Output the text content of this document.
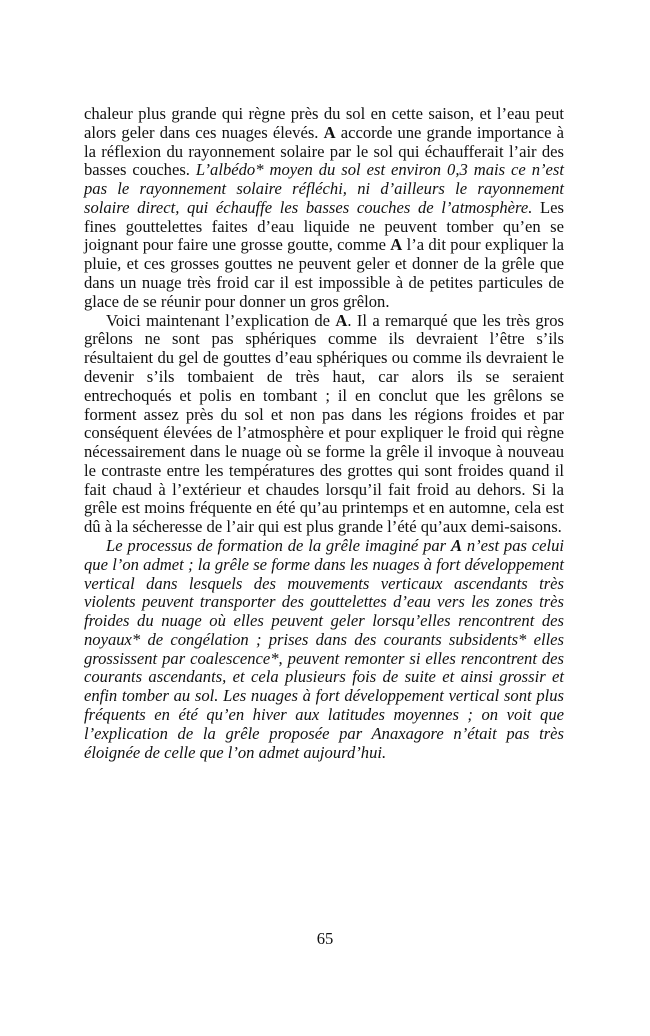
chaleur plus grande qui règne près du sol en cette saison, et l’eau peut alors geler dans ces nuages élevés. A accorde une grande importance à la réflexion du rayonnement solaire par le sol qui échaufferait l’air des basses couches. L’albédo* moyen du sol est environ 0,3 mais ce n’est pas le rayonnement solaire réfléchi, ni d’ailleurs le rayonnement solaire direct, qui échauffe les basses couches de l’atmosphère. Les fines gouttelettes faites d’eau liquide ne peuvent tomber qu’en se joignant pour faire une grosse goutte, comme A l’a dit pour expliquer la pluie, et ces grosses gouttes ne peuvent geler et donner de la grêle que dans un nuage très froid car il est impossible à de petites particules de glace de se réunir pour donner un gros grêlon.

Voici maintenant l’explication de A. Il a remarqué que les très gros grêlons ne sont pas sphériques comme ils devraient l’être s’ils résultaient du gel de gouttes d’eau sphériques ou comme ils devraient le devenir s’ils tombaient de très haut, car alors ils se seraient entrechoqués et polis en tombant ; il en conclut que les grêlons se forment assez près du sol et non pas dans les régions froides et par conséquent élevées de l’atmosphère et pour expliquer le froid qui règne nécessairement dans le nuage où se forme la grêle il invoque à nouveau le contraste entre les températures des grottes qui sont froides quand il fait chaud à l’extérieur et chaudes lorsqu’il fait froid au dehors. Si la grêle est moins fréquente en été qu’au printemps et en automne, cela est dû à la sécheresse de l’air qui est plus grande l’été qu’aux demi-saisons.

Le processus de formation de la grêle imaginé par A n’est pas celui que l’on admet ; la grêle se forme dans les nuages à fort développement vertical dans lesquels des mouvements verticaux ascendants très violents peuvent transporter des gouttelettes d’eau vers les zones très froides du nuage où elles peuvent geler lorsqu’elles rencontrent des noyaux* de congélation ; prises dans des courants subsidents* elles grossissent par coalescence*, peuvent remonter si elles rencontrent des courants ascendants, et cela plusieurs fois de suite et ainsi grossir et enfin tomber au sol. Les nuages à fort développement vertical sont plus fréquents en été qu’en hiver aux latitudes moyennes ; on voit que l’explication de la grêle proposée par Anaxagore n’était pas très éloignée de celle que l’on admet aujourd’hui.

65
